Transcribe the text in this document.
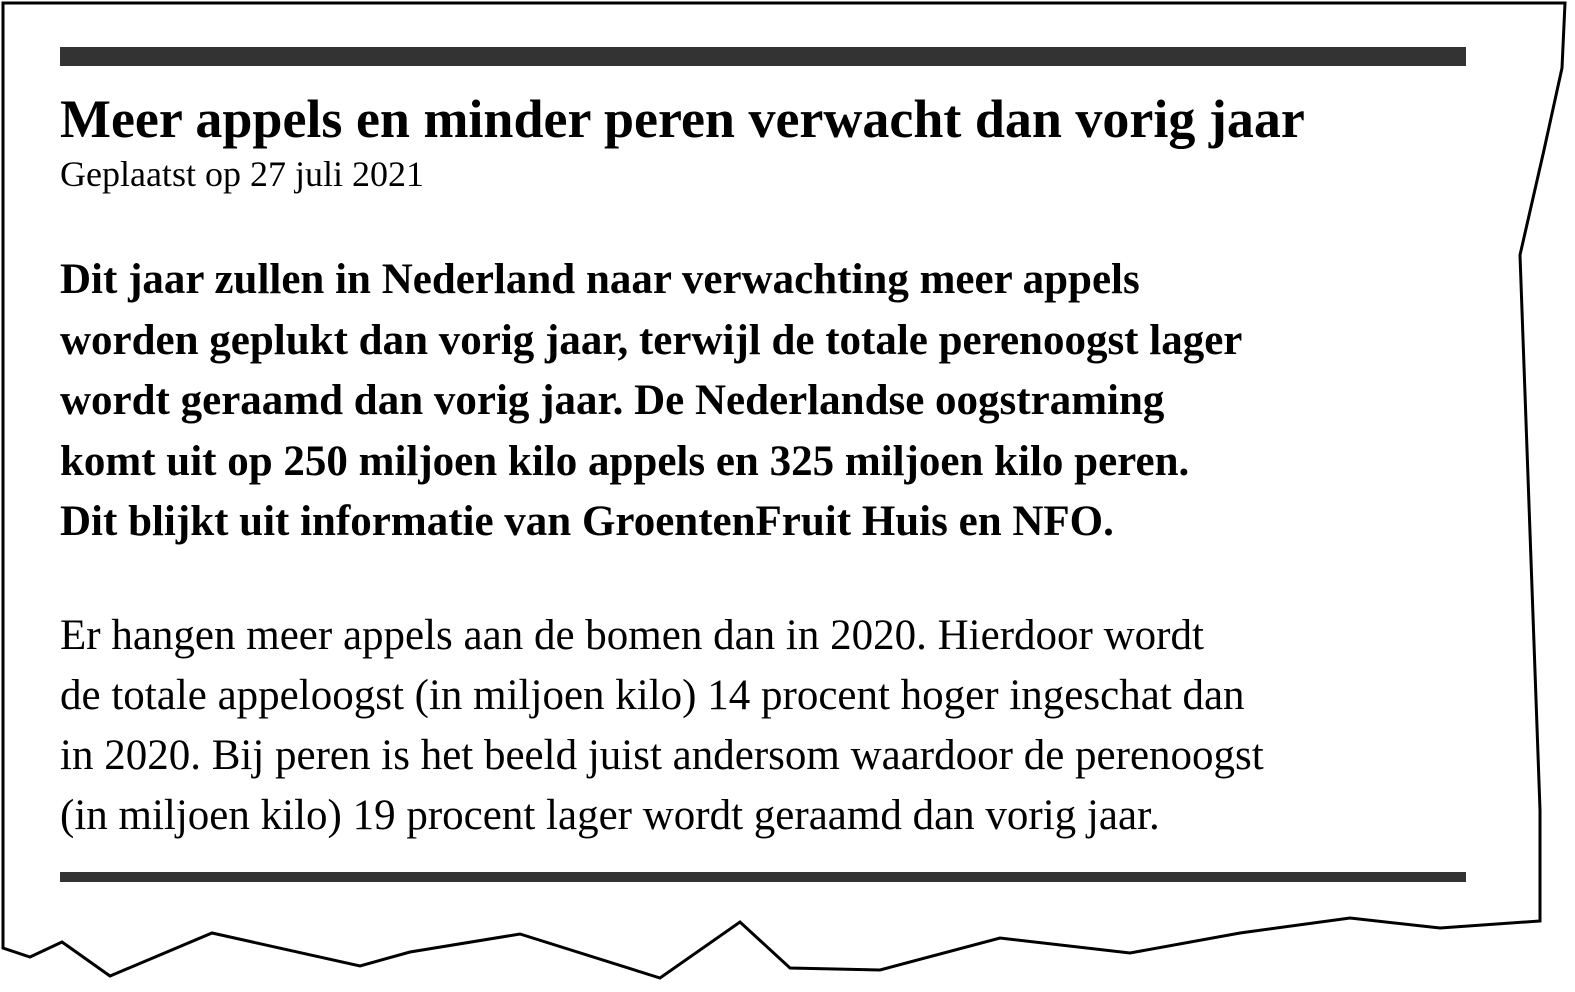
Meer appels en minder peren verwacht dan vorig jaar
Geplaatst op 27 juli 2021

Dit jaar zullen in Nederland naar verwachting meer appels
worden geplukt dan vorig jaar, terwijl de totale perenoogst lager
wordt geraamd dan vorig jaar. De Nederlandse oogstraming
komt uit op 250 miljoen kilo appels en 325 miljoen kilo peren.
Dit blijkt uit informatie van GroentenFruit Huis en NFO.

Er hangen meer appels aan de bomen dan in 2020. Hierdoor wordt
de totale appeloogst (in miljoen kilo) 14 procent hoger ingeschat dan
in 2020. Bij peren is het beeld juist andersom waardoor de perenoogst
(in miljoen kilo) 19 procent lager wordt geraamd dan vorig jaar.
